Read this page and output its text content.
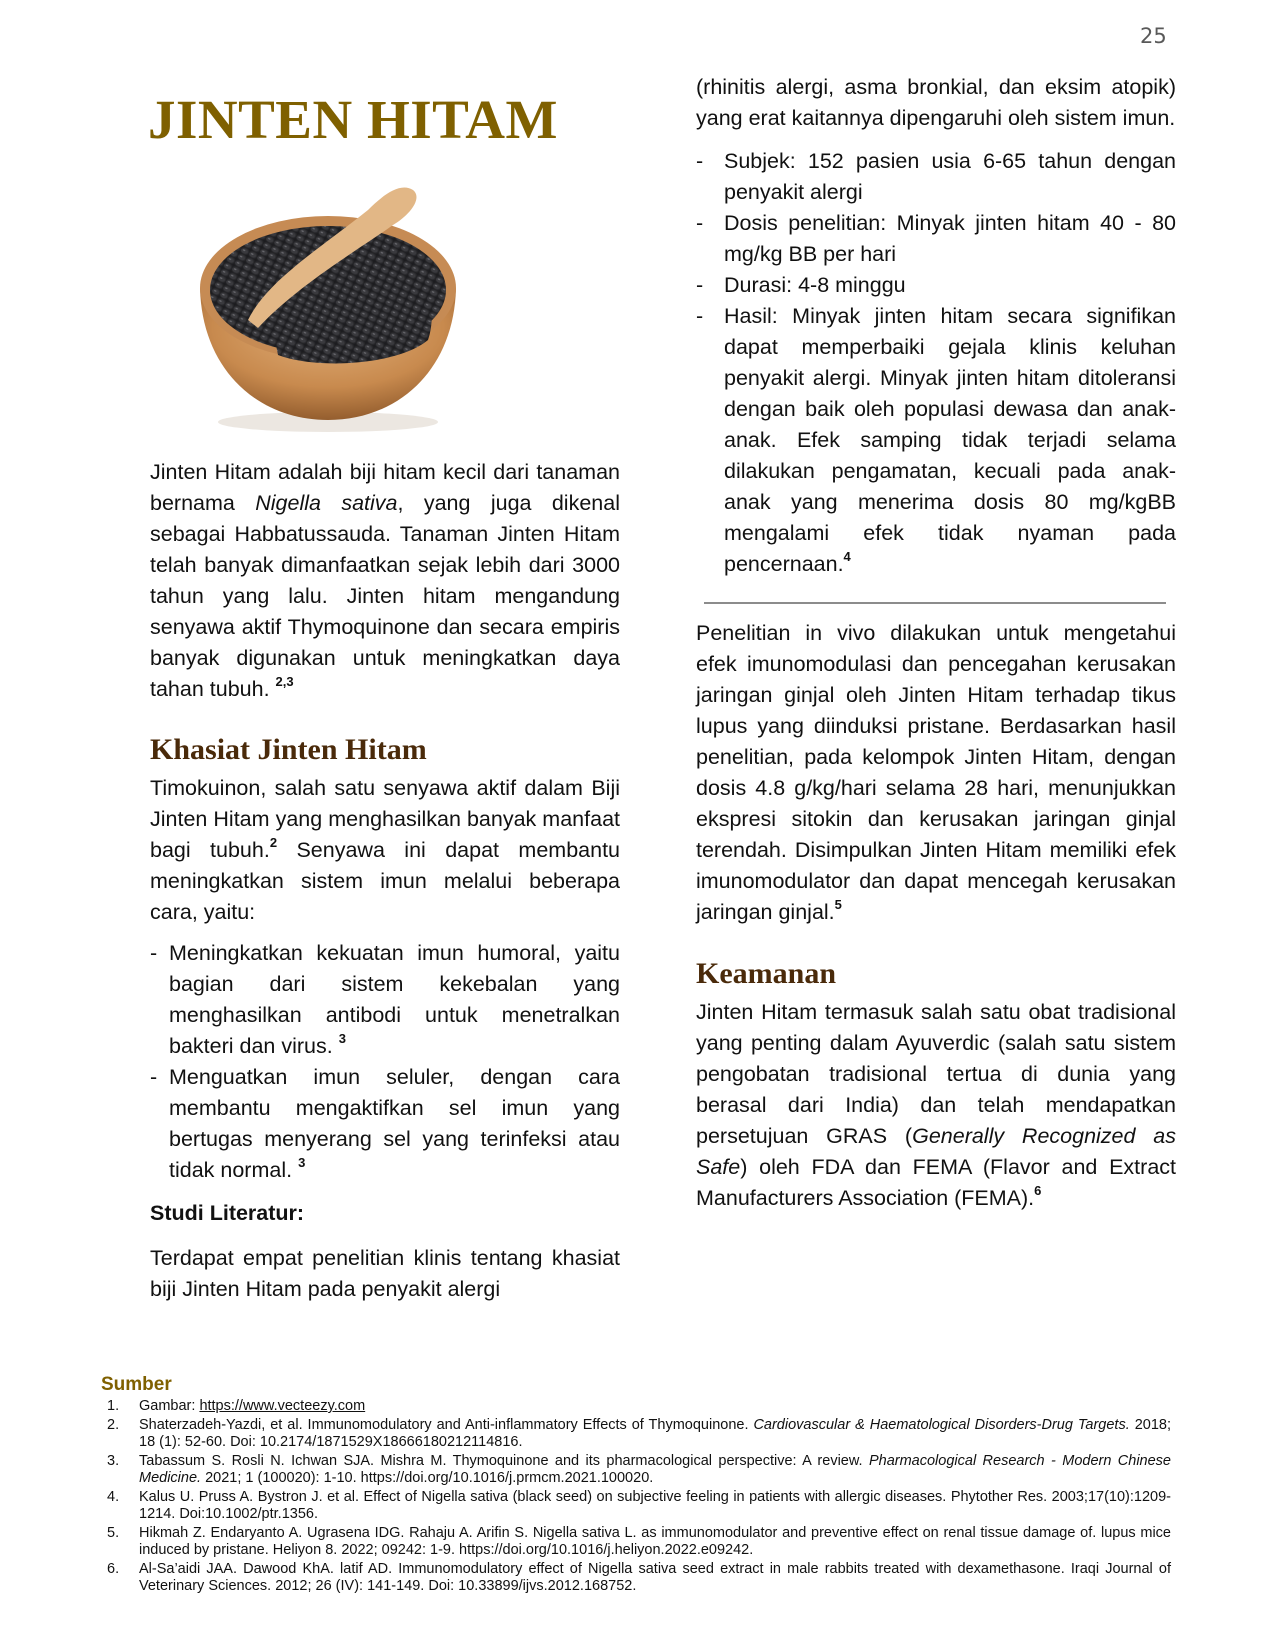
25
JINTEN HITAM

Jinten Hitam adalah biji hitam kecil dari tanaman bernama Nigella sativa, yang juga dikenal sebagai Habbatussauda. Tanaman Jinten Hitam telah banyak dimanfaatkan sejak lebih dari 3000 tahun yang lalu. Jinten hitam mengandung senyawa aktif Thymoquinone dan secara empiris banyak digunakan untuk meningkatkan daya tahan tubuh. $^{2,3}$

Khasiat Jinten Hitam

Timokuinon, salah satu senyawa aktif dalam Biji Jinten Hitam yang menghasilkan banyak manfaat bagi tubuh.$^2$ Senyawa ini dapat membantu meningkatkan sistem imun melalui beberapa cara, yaitu:

- Meningkatkan kekuatan imun humoral, yaitu bagian dari sistem kekebalan yang menghasilkan antibodi untuk menetralkan bakteri dan virus. $^3$
- Menguatkan imun seluler, dengan cara membantu mengaktifkan sel imun yang bertugas menyerang sel yang terinfeksi atau tidak normal. $^3$

Studi Literatur:

Terdapat empat penelitian klinis tentang khasiat biji Jinten Hitam pada penyakit alergi

(rhinitis alergi, asma bronkial, dan eksim atopik) yang erat kaitannya dipengaruhi oleh sistem imun.

- Subjek: 152 pasien usia 6-65 tahun dengan penyakit alergi
- Dosis penelitian: Minyak jinten hitam 40 - 80 mg/kg BB per hari
- Durasi: 4-8 minggu
- Hasil: Minyak jinten hitam secara signifikan dapat memperbaiki gejala klinis keluhan penyakit alergi. Minyak jinten hitam ditoleransi dengan baik oleh populasi dewasa dan anak-anak. Efek samping tidak terjadi selama dilakukan pengamatan, kecuali pada anak-anak yang menerima dosis 80 mg/kgBB mengalami efek tidak nyaman pada pencernaan.$^4$

Penelitian in vivo dilakukan untuk mengetahui efek imunomodulasi dan pencegahan kerusakan jaringan ginjal oleh Jinten Hitam terhadap tikus lupus yang diinduksi pristane. Berdasarkan hasil penelitian, pada kelompok Jinten Hitam, dengan dosis 4.8 g/kg/hari selama 28 hari, menunjukkan ekspresi sitokin dan kerusakan jaringan ginjal terendah. Disimpulkan Jinten Hitam memiliki efek imunomodulator dan dapat mencegah kerusakan jaringan ginjal.$^5$

Keamanan

Jinten Hitam termasuk salah satu obat tradisional yang penting dalam Ayuverdic (salah satu sistem pengobatan tradisional tertua di dunia yang berasal dari India) dan telah mendapatkan persetujuan GRAS (Generally Recognized as Safe) oleh FDA dan FEMA (Flavor and Extract Manufacturers Association (FEMA).$^6$

Sumber
1. Gambar: https://www.vecteezy.com
2. Shaterzadeh-Yazdi, et al. Immunomodulatory and Anti-inflammatory Effects of Thymoquinone. Cardiovascular & Haematological Disorders-Drug Targets. 2018; 18 (1): 52-60. Doi: 10.2174/1871529X18666180212114816.
3. Tabassum S. Rosli N. Ichwan SJA. Mishra M. Thymoquinone and its pharmacological perspective: A review. Pharmacological Research - Modern Chinese Medicine. 2021; 1 (100020): 1-10. https://doi.org/10.1016/j.prmcm.2021.100020.
4. Kalus U. Pruss A. Bystron J. et al. Effect of Nigella sativa (black seed) on subjective feeling in patients with allergic diseases. Phytother Res. 2003;17(10):1209-1214. Doi:10.1002/ptr.1356.
5. Hikmah Z. Endaryanto A. Ugrasena IDG. Rahaju A. Arifin S. Nigella sativa L. as immunomodulator and preventive effect on renal tissue damage of. lupus mice induced by pristane. Heliyon 8. 2022; 09242: 1-9. https://doi.org/10.1016/j.heliyon.2022.e09242.
6. Al-Sa’aidi JAA. Dawood KhA. latif AD. Immunomodulatory effect of Nigella sativa seed extract in male rabbits treated with dexamethasone. Iraqi Journal of Veterinary Sciences. 2012; 26 (IV): 141-149. Doi: 10.33899/ijvs.2012.168752.
